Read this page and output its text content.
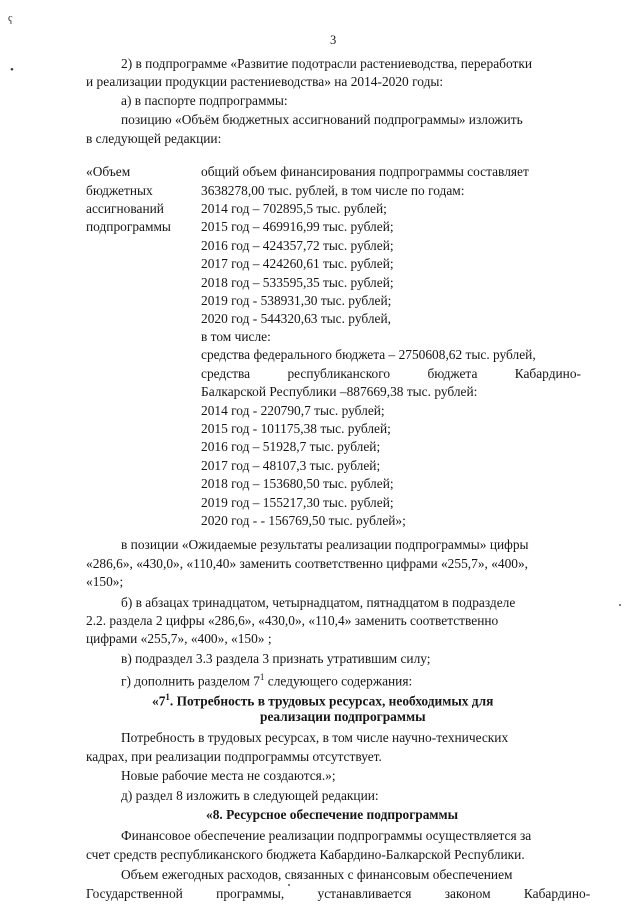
3
ҁ
•	2) в подпрограмме «Развитие подотрасли растениеводства, переработки
и реализации продукции растениеводства» на 2014-2020 годы:
а) в паспорте подпрограммы:
позицию «Объём бюджетных ассигнований подпрограммы» изложить
в следующей редакции:
«Объем
бюджетных
ассигнований
подпрограммы
общий объем финансирования подпрограммы составляет
3638278,00 тыс. рублей, в том числе по годам:
2014 год – 702895,5 тыс. рублей;
2015 год – 469916,99 тыс. рублей;
2016 год – 424357,72 тыс. рублей;
2017 год – 424260,61 тыс. рублей;
2018 год – 533595,35 тыс. рублей;
2019 год - 538931,30 тыс. рублей;
2020 год - 544320,63 тыс. рублей,
в том числе:
средства федерального бюджета – 2750608,62 тыс. рублей,
средства республиканского бюджета Кабардино-
Балкарской Республики –887669,38 тыс. рублей:
2014 год - 220790,7 тыс. рублей;
2015 год - 101175,38 тыс. рублей;
2016 год – 51928,7 тыс. рублей;
2017 год – 48107,3 тыс. рублей;
2018 год – 153680,50 тыс. рублей;
2019 год – 155217,30 тыс. рублей;
2020 год - - 156769,50 тыс. рублей»;
в позиции «Ожидаемые результаты реализации подпрограммы» цифры
«286,6», «430,0», «110,40» заменить соответственно цифрами «255,7», «400»,
«150»;
б) в абзацах тринадцатом, четырнадцатом, пятнадцатом в подразделе
2.2. раздела 2 цифры «286,6», «430,0», «110,4» заменить соответственно
цифрами «255,7», «400», «150» ;
в) подраздел 3.3 раздела 3 признать утратившим силу;
г) дополнить разделом $7^1$ следующего содержания:
«$7^1$. Потребность в трудовых ресурсах, необходимых для
реализации подпрограммы
Потребность в трудовых ресурсах, в том числе научно-технических
кадрах, при реализации подпрограммы отсутствует.
Новые рабочие места не создаются.»;
д) раздел 8 изложить в следующей редакции:
«8. Ресурсное обеспечение подпрограммы
Финансовое обеспечение реализации подпрограммы осуществляется за
счет средств республиканского бюджета Кабардино-Балкарской Республики.
Объем ежегодных расходов, связанных с финансовым обеспечением
Государственной программы, устанавливается законом Кабардино-
